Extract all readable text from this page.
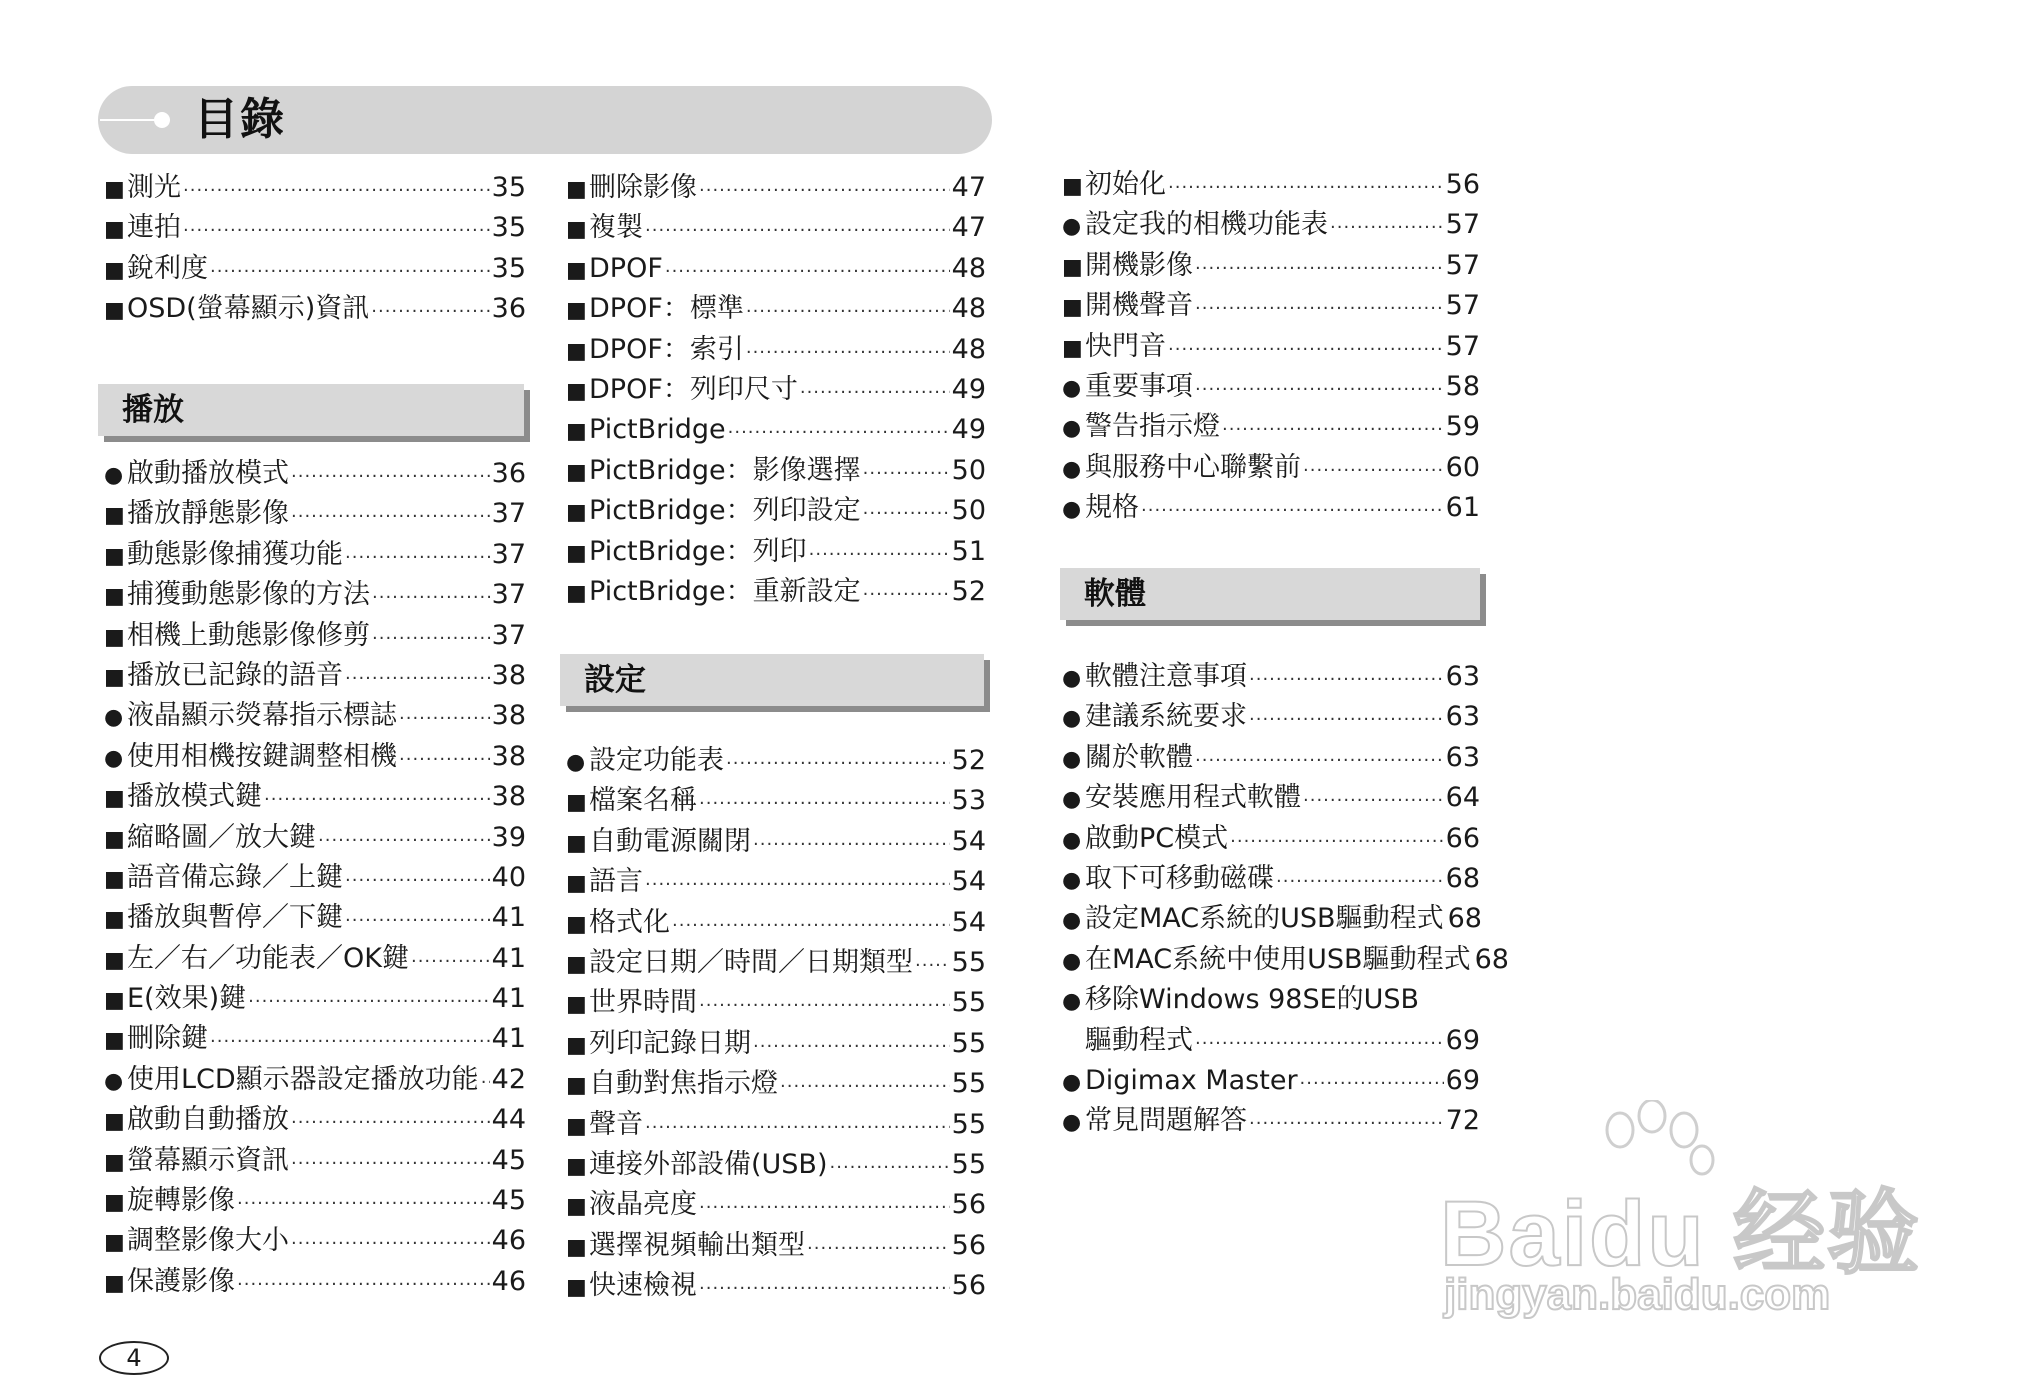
目錄
■ 測光 ·····	35
■ 連拍 ·····	35
■ 銳利度 ·····	35
■ OSD(螢幕顯示)資訊 ·····	36
播放
● 啟動播放模式 ·····	36
■ 播放靜態影像 ·····	37
■ 動態影像捕獲功能 ·····	37
■ 捕獲動態影像的方法 ·····	37
■ 相機上動態影像修剪 ·····	37
■ 播放已記錄的語音 ·····	38
● 液晶顯示熒幕指示標誌 ·····	38
● 使用相機按鍵調整相機 ·····	38
■ 播放模式鍵 ·····	38
■ 縮略圖／放大鍵 ·····	39
■ 語音備忘錄／上鍵 ·····	40
■ 播放與暫停／下鍵 ·····	41
■ 左／右／功能表／OK鍵 ·····	41
■ E(效果)鍵 ·····	41
■ 刪除鍵 ·····	41
● 使用LCD顯示器設定播放功能 ····· 42
■ 啟動自動播放 ·····	44
■ 螢幕顯示資訊 ·····	45
■ 旋轉影像 ·····	45
■ 調整影像大小 ·····	46
■ 保護影像 ·····	46
■ 刪除影像 ·····	47
■ 複製 ·····	47
■ DPOF ·····	48
■ DPOF：標準 ·····	48
■ DPOF：索引 ·····	48
■ DPOF：列印尺寸 ·····	49
■ PictBridge ·····	49
■ PictBridge：影像選擇 ·····	50
■ PictBridge：列印設定 ·····	50
■ PictBridge：列印 ·····	51
■ PictBridge：重新設定 ·····	52
設定
● 設定功能表 ·····	52
■ 檔案名稱 ·····	53
■ 自動電源關閉 ·····	54
■ 語言 ·····	54
■ 格式化 ·····	54
■ 設定日期／時間／日期類型 ····· 55
■ 世界時間 ·····	55
■ 列印記錄日期 ·····	55
■ 自動對焦指示燈 ·····	55
■ 聲音 ·····	55
■ 連接外部設備(USB) ·····	55
■ 液晶亮度 ·····	56
■ 選擇視頻輸出類型 ·····	56
■ 快速檢視 ·····	56
■ 初始化 ·····	56
● 設定我的相機功能表 ·····	57
■ 開機影像 ·····	57
■ 開機聲音 ·····	57
■ 快門音 ·····	57
● 重要事項 ·····	58
● 警告指示燈 ·····	59
● 與服務中心聯繫前 ·····	60
● 規格 ·····	61
軟體
● 軟體注意事項 ·····	63
● 建議系統要求 ·····	63
● 關於軟體 ·····	63
● 安裝應用程式軟體 ·····	64
● 啟動PC模式 ·····	66
● 取下可移動磁碟 ·····	68
● 設定MAC系統的USB驅動程式 68
● 在MAC系統中使用USB驅動程式 68
● 移除Windows 98SE的USB
驅動程式 ·····	69
● Digimax Master ·····	69
● 常見問題解答 ·····	72
4
Baidu 经验
jingyan.baidu.com
